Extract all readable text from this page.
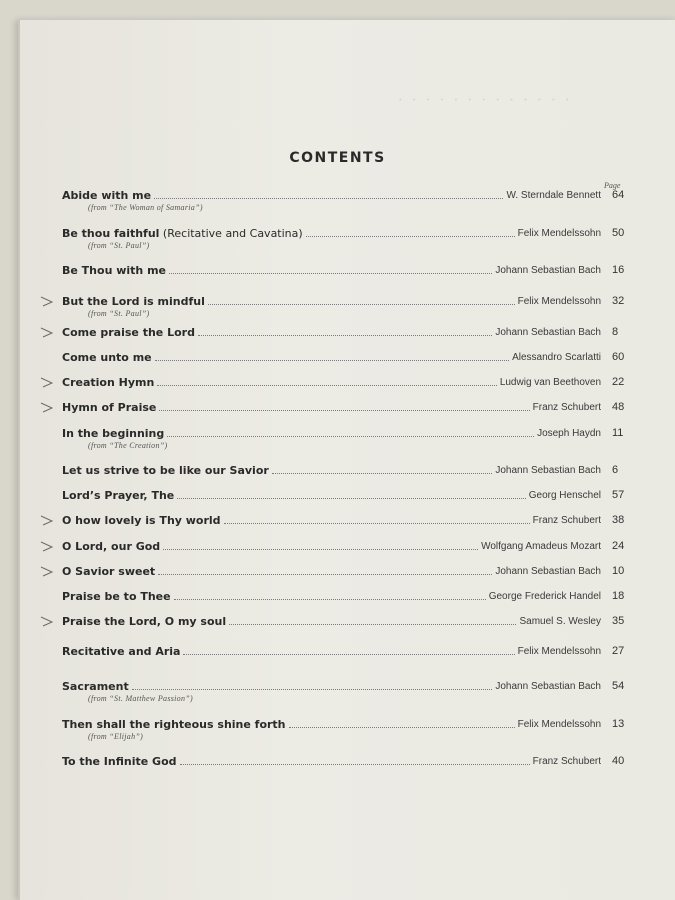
· · · · · · · · · · · · ·
CONTENTS
Page
Abide with me	W. Sterndale Bennett 64
(from “The Woman of Samaria”)
Be thou faithful (Recitative and Cavatina)	Felix Mendelssohn 50
(from “St. Paul”)
Be Thou with me	Johann Sebastian Bach 16
But the Lord is mindful	Felix Mendelssohn 32
(from “St. Paul”)
Come praise the Lord	Johann Sebastian Bach 8
Come unto me	Alessandro Scarlatti 60
Creation Hymn	Ludwig van Beethoven 22
Hymn of Praise	Franz Schubert 48
In the beginning	Joseph Haydn 11
(from “The Creation”)
Let us strive to be like our Savior	Johann Sebastian Bach 6
Lord’s Prayer, The	Georg Henschel 57
O how lovely is Thy world	Franz Schubert 38
O Lord, our God	Wolfgang Amadeus Mozart 24
O Savior sweet	Johann Sebastian Bach 10
Praise be to Thee	George Frederick Handel 18
Praise the Lord, O my soul	Samuel S. Wesley 35
Recitative and Aria	Felix Mendelssohn 27
Sacrament	Johann Sebastian Bach 54
(from “St. Matthew Passion”)
Then shall the righteous shine forth	Felix Mendelssohn 13
(from “Elijah”)
To the Infinite God	Franz Schubert 40
